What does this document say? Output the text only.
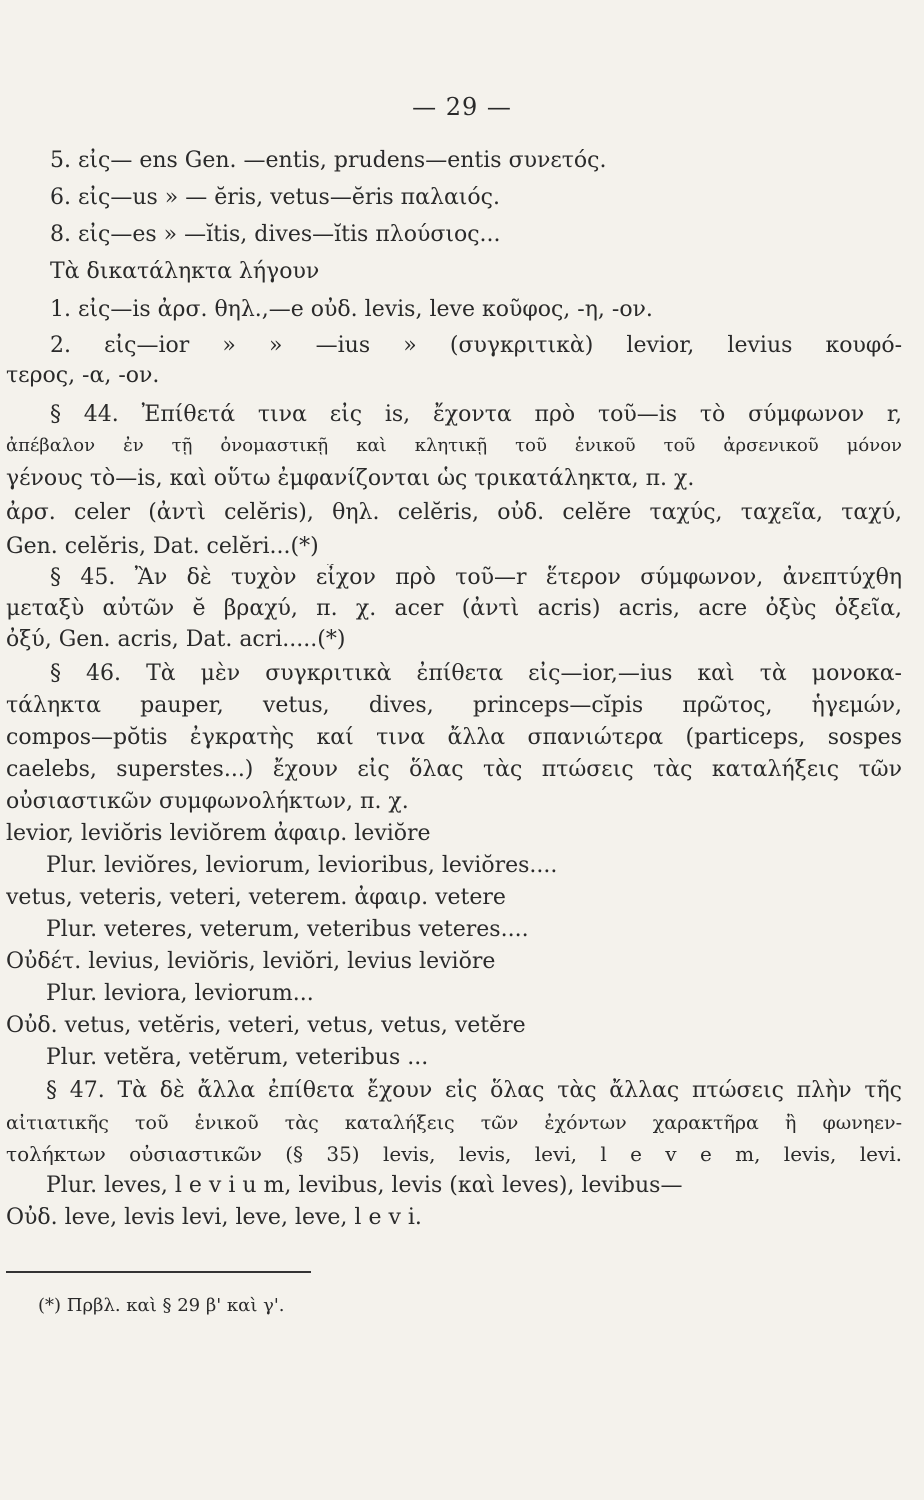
— 29 —
5. εἰς— ens Gen. —entis, prudens—entis συνετός.
6. εἰς—us » — ĕris, vetus—ĕris παλαιός.
8. εἰς—es » —ĭtis, dives—ĭtis πλούσιος...
Τὰ δικατάληκτα λήγουν
1. εἰς—is ἀρσ. θηλ.,—e οὐδ. levis, leve κοῦφος, -η, -ον.
2. εἰς—ior » » —ius » (συγκριτικὰ) levior, levius κουφό-
τερος, -α, -ον.
§ 44. Ἐπίθετά τινα εἰς is, ἔχοντα πρὸ τοῦ—is τὸ σύμφωνον r,
ἀπέβαλον ἐν τῇ ὀνομαστικῇ καὶ κλητικῇ τοῦ ἑνικοῦ τοῦ ἀρσενικοῦ μόνον
γένους τὸ—is, καὶ οὕτω ἐμφανίζονται ὡς τρικατάληκτα, π. χ.
ἀρσ. celer (ἀντὶ celĕris), θηλ. celĕris, οὐδ. celĕre ταχύς, ταχεῖα, ταχύ,
Gen. celĕris, Dat. celĕri...(*)
§ 45. Ἂν δὲ τυχὸν εἶχον πρὸ τοῦ—r ἕτερον σύμφωνον, ἀνεπτύχθη
μεταξὺ αὐτῶν ĕ βραχύ, π. χ. acer (ἀντὶ acris) acris, acre ὀξὺς ὀξεῖα,
ὀξύ, Gen. acris, Dat. acri.....(*)
§ 46. Τὰ μὲν συγκριτικὰ ἐπίθετα εἰς—ior,—ius καὶ τὰ μονοκα-
τάληκτα pauper, vetus, dives, princeps—cĭpis πρῶτος, ἡγεμών,
compos—pŏtis ἐγκρατὴς καί τινα ἄλλα σπανιώτερα (particeps, sospes
caelebs, superstes...) ἔχουν εἰς ὅλας τὰς πτώσεις τὰς καταλήξεις τῶν
οὐσιαστικῶν συμφωνολήκτων, π. χ.
levior, leviŏris leviŏrem ἀφαιρ. leviŏre
Plur. leviŏres, leviorum, levioribus, leviŏres....
vetus, veteris, veteri, veterem. ἀφαιρ. vetere
Plur. veteres, veterum, veteribus veteres....
Οὐδέτ. levius, leviŏris, leviŏri, levius leviŏre
Plur. leviora, leviorum...
Οὐδ. vetus, vetĕris, veteri, vetus, vetus, vetĕre
Plur. vetĕra, vetĕrum, veteribus ...
§ 47. Τὰ δὲ ἄλλα ἐπίθετα ἔχουν εἰς ὅλας τὰς ἄλλας πτώσεις πλὴν τῆς
αἰτιατικῆς τοῦ ἑνικοῦ τὰς καταλήξεις τῶν ἐχόντων χαρακτῆρα ἢ φωνηεν-
τολήκτων οὐσιαστικῶν (§ 35) levis, levis, levi, l e v e m, levis, levi.
Plur. leves, l e v i u m, levibus, levis (καὶ leves), levibus—
Οὐδ. leve, levis levi, leve, leve, l e v i.
(*) Πρβλ. καὶ § 29 β' καὶ γ'.
